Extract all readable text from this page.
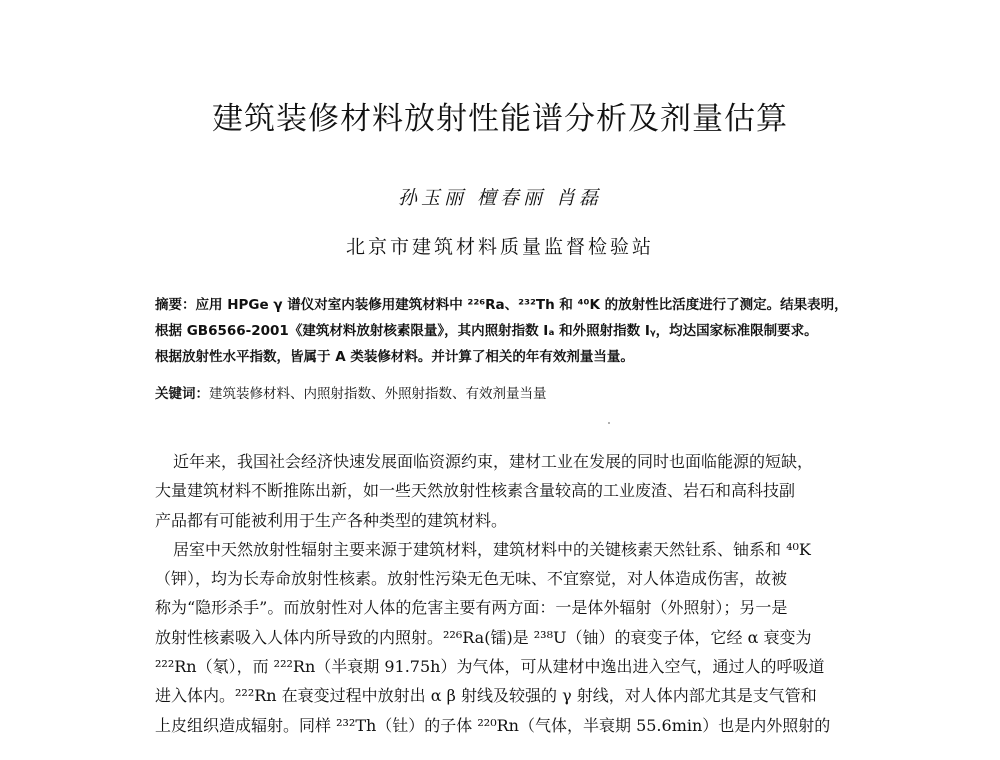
建筑装修材料放射性能谱分析及剂量估算
孙玉丽 檀春丽 肖磊
北京市建筑材料质量监督检验站
摘要：应用 HPGe γ 谱仪对室内装修用建筑材料中 ²²⁶Ra、²³²Th 和 ⁴⁰K 的放射性比活度进行了测定。结果表明，
根据 GB6566-2001《建筑材料放射核素限量》，其内照射指数 Iₐ 和外照射指数 Iᵧ，均达国家标准限制要求。
根据放射性水平指数，皆属于 A 类装修材料。并计算了相关的年有效剂量当量。
关键词：建筑装修材料、内照射指数、外照射指数、有效剂量当量
近年来，我国社会经济快速发展面临资源约束，建材工业在发展的同时也面临能源的短缺，
大量建筑材料不断推陈出新，如一些天然放射性核素含量较高的工业废渣、岩石和高科技副
产品都有可能被利用于生产各种类型的建筑材料。
居室中天然放射性辐射主要来源于建筑材料，建筑材料中的关键核素天然钍系、铀系和 ⁴⁰K
（钾），均为长寿命放射性核素。放射性污染无色无味、不宜察觉，对人体造成伤害，故被
称为“隐形杀手”。而放射性对人体的危害主要有两方面：一是体外辐射（外照射）；另一是
放射性核素吸入人体内所导致的内照射。²²⁶Ra(镭)是 ²³⁸U（铀）的衰变子体，它经 α 衰变为
²²²Rn（氡），而 ²²²Rn（半衰期 91.75h）为气体，可从建材中逸出进入空气，通过人的呼吸道
进入体内。²²²Rn 在衰变过程中放射出 α β 射线及较强的 γ 射线，对人体内部尤其是支气管和
上皮组织造成辐射。同样 ²³²Th（钍）的子体 ²²⁰Rn（气体，半衰期 55.6min）也是内外照射的
